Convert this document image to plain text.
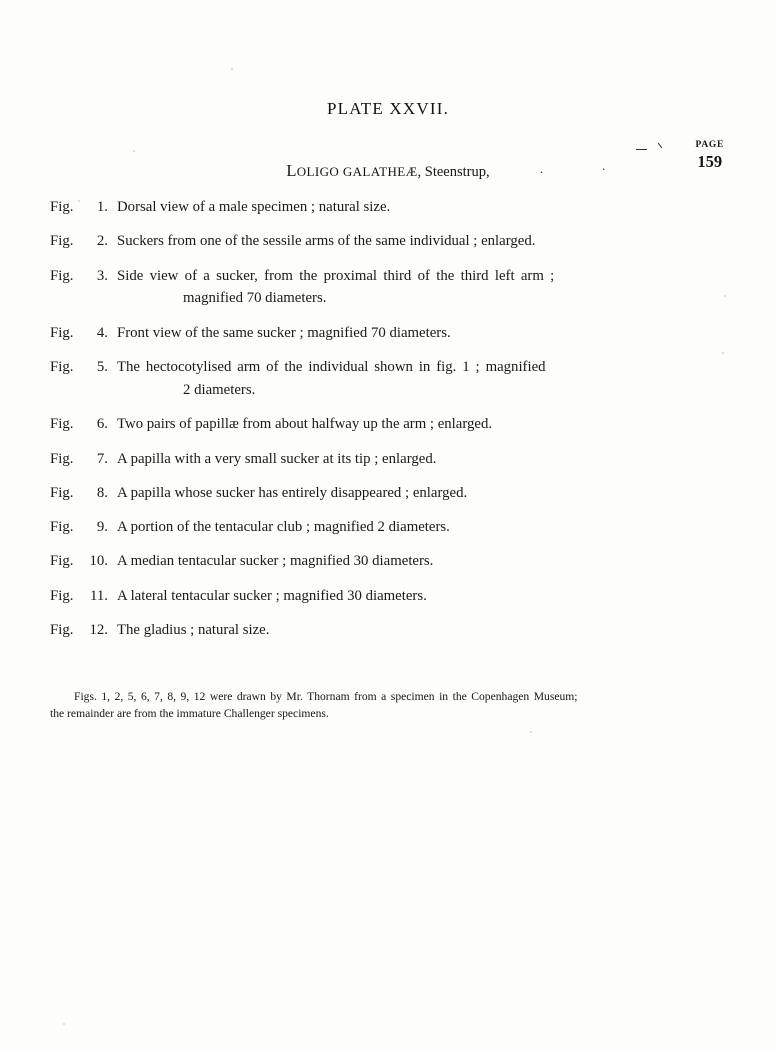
PLATE XXVII.
PAGE
159
LOLIGO GALATHEÆ, Steenstrup,	.	.
Fig.	1. Dorsal view of a male specimen ; natural size.
Fig.	2. Suckers from one of the sessile arms of the same individual ; enlarged.
Fig.	3. Side view of a sucker, from the proximal third of the third left arm ;
magnified 70 diameters.
Fig.	4. Front view of the same sucker ; magnified 70 diameters.
Fig.	5. The hectocotylised arm of the individual shown in fig. 1 ; magnified
2 diameters.
Fig.	6. Two pairs of papillæ from about halfway up the arm ; enlarged.
Fig.	7. A papilla with a very small sucker at its tip ; enlarged.
Fig.	8. A papilla whose sucker has entirely disappeared ; enlarged.
Fig.	9. A portion of the tentacular club ; magnified 2 diameters.
Fig.	10. A median tentacular sucker ; magnified 30 diameters.
Fig.	11. A lateral tentacular sucker ; magnified 30 diameters.
Fig.	12. The gladius ; natural size.
Figs. 1, 2, 5, 6, 7, 8, 9, 12 were drawn by Mr. Thornam from a specimen in the Copenhagen Museum;
the remainder are from the immature Challenger specimens.
